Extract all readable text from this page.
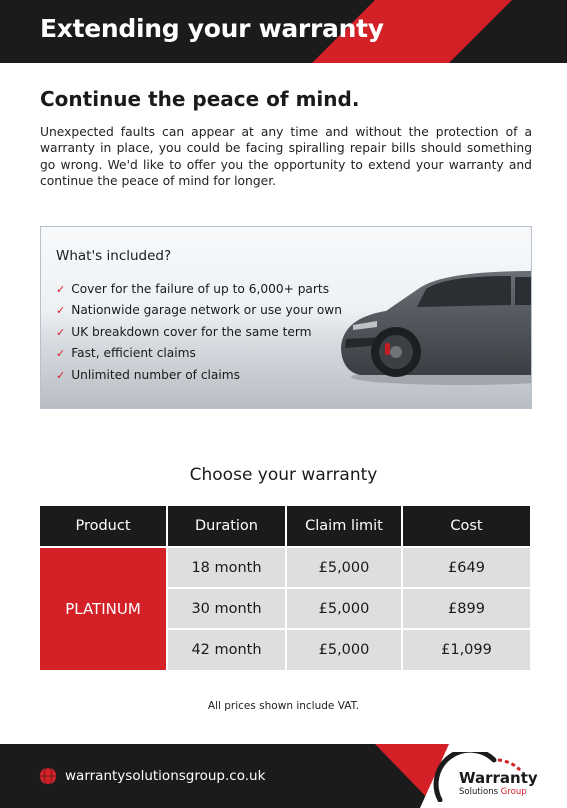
Extending your warranty
Continue the peace of mind.

Unexpected faults can appear at any time and without the protection of a warranty in place, you could be facing spiralling repair bills should something go wrong. We'd like to offer you the opportunity to extend your warranty and continue the peace of mind for longer.

What's included?
✓ Cover for the failure of up to 6,000+ parts
✓ Nationwide garage network or use your own
✓ UK breakdown cover for the same term
✓ Fast, efficient claims
✓ Unlimited number of claims
Choose your warranty
Product	Duration	Claim limit	Cost
PLATINUM
18 month	£5,000	£649
30 month	£5,000	£899
42 month	£5,000	£1,099
All prices shown include VAT.
warrantysolutionsgroup.co.uk	Warranty
Solutions Group
